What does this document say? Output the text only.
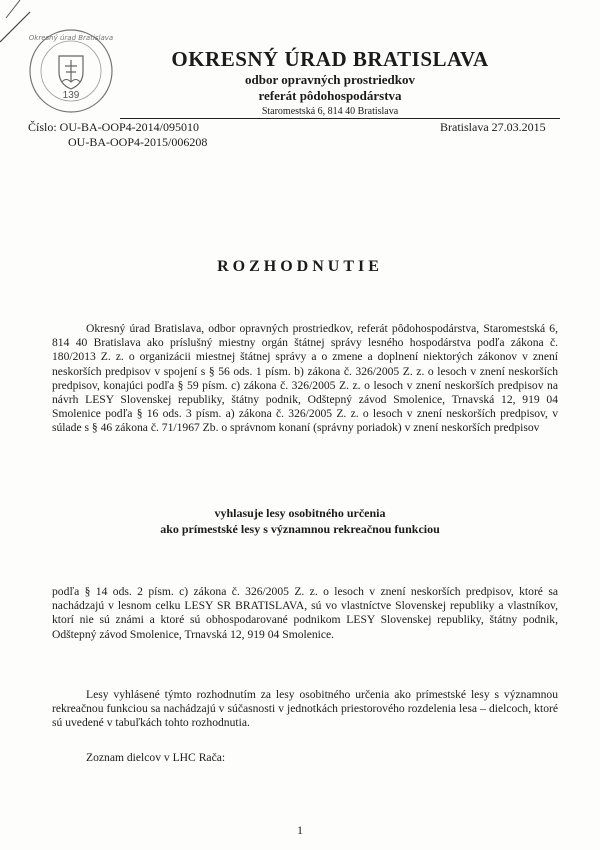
Okresný úrad Bratislava
139
OKRESNÝ ÚRAD BRATISLAVA
odbor opravných prostriedkov
referát pôdohospodárstva
Staromestská 6, 814 40 Bratislava
Číslo: OU-BA-OOP4-2014/095010
OU-BA-OOP4-2015/006208
Bratislava 27.03.2015
ROZHODNUTIE
Okresný úrad Bratislava, odbor opravných prostriedkov, referát pôdohospodárstva, Staromestská 6, 814 40 Bratislava ako príslušný miestny orgán štátnej správy lesného hospodárstva podľa zákona č. 180/2013 Z. z. o organizácii miestnej štátnej správy a o zmene a doplnení niektorých zákonov v znení neskorších predpisov v spojení s § 56 ods. 1 písm. b) zákona č. 326/2005 Z. z. o lesoch v znení neskorších predpisov, konajúci podľa § 59 písm. c) zákona č. 326/2005 Z. z. o lesoch v znení neskorších predpisov na návrh LESY Slovenskej republiky, štátny podnik, Odštepný závod Smolenice, Trnavská 12, 919 04 Smolenice podľa § 16 ods. 3 písm. a) zákona č. 326/2005 Z. z. o lesoch v znení neskorších predpisov, v súlade s § 46 zákona č. 71/1967 Zb. o správnom konaní (správny poriadok) v znení neskorších predpisov
vyhlasuje lesy osobitného určenia
ako prímestské lesy s významnou rekreačnou funkciou
podľa § 14 ods. 2 písm. c) zákona č. 326/2005 Z. z. o lesoch v znení neskorších predpisov, ktoré sa nachádzajú v lesnom celku LESY SR BRATISLAVA, sú vo vlastníctve Slovenskej republiky a vlastníkov, ktorí nie sú známi a ktoré sú obhospodarované podnikom LESY Slovenskej republiky, štátny podnik, Odštepný závod Smolenice, Trnavská 12, 919 04 Smolenice.
Lesy vyhlásené týmto rozhodnutím za lesy osobitného určenia ako prímestské lesy s významnou rekreačnou funkciou sa nachádzajú v súčasnosti v jednotkách priestorového rozdelenia lesa – dielcoch, ktoré sú uvedené v tabuľkách tohto rozhodnutia.
Zoznam dielcov v LHC Rača:
1
